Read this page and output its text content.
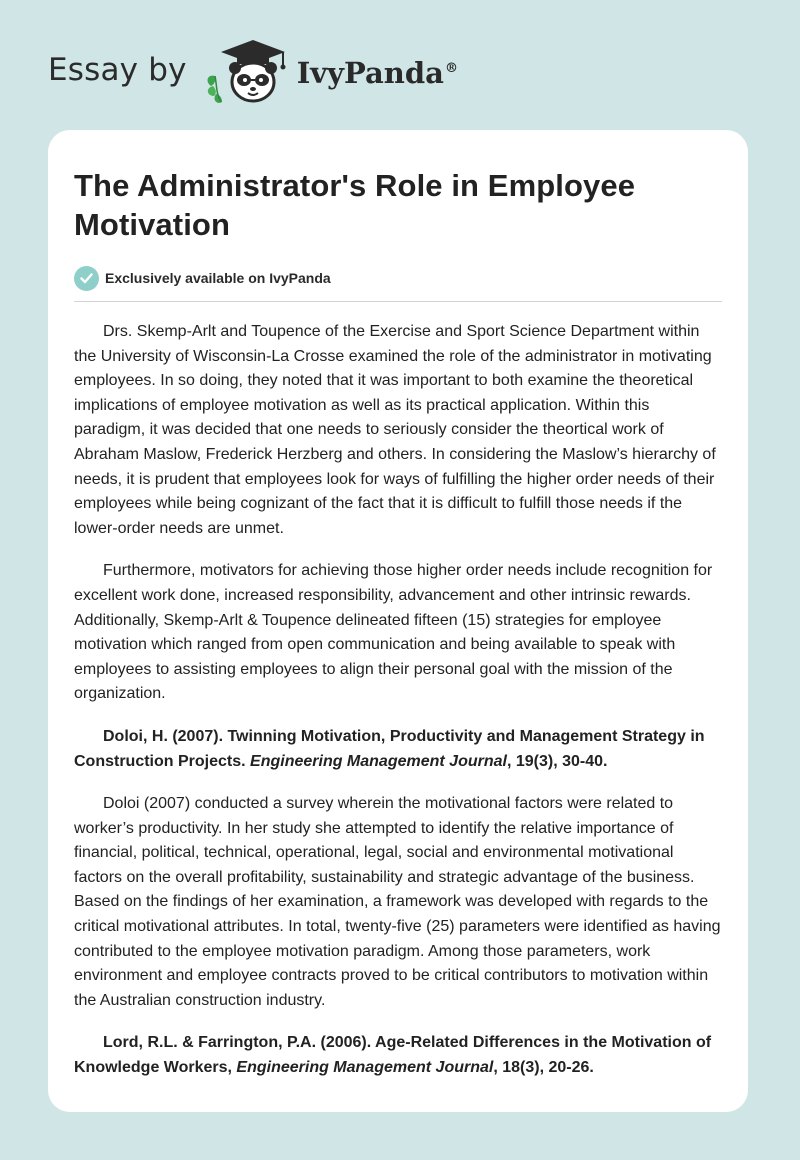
Essay by	IvyPanda®
The Administrator's Role in Employee Motivation
Exclusively available on IvyPanda

Drs. Skemp-Arlt and Toupence of the Exercise and Sport Science Department within the University of Wisconsin-La Crosse examined the role of the administrator in motivating employees. In so doing, they noted that it was important to both examine the theoretical implications of employee motivation as well as its practical application. Within this paradigm, it was decided that one needs to seriously consider the theortical work of Abraham Maslow, Frederick Herzberg and others. In considering the Maslow’s hierarchy of needs, it is prudent that employees look for ways of fulfilling the higher order needs of their employees while being cognizant of the fact that it is difficult to fulfill those needs if the lower-order needs are unmet.

Furthermore, motivators for achieving those higher order needs include recognition for excellent work done, increased responsibility, advancement and other intrinsic rewards. Additionally, Skemp-Arlt & Toupence delineated fifteen (15) strategies for employee motivation which ranged from open communication and being available to speak with employees to assisting employees to align their personal goal with the mission of the organization.

Doloi, H. (2007). Twinning Motivation, Productivity and Management Strategy in Construction Projects. Engineering Management Journal, 19(3), 30-40.

Doloi (2007) conducted a survey wherein the motivational factors were related to worker’s productivity. In her study she attempted to identify the relative importance of financial, political, technical, operational, legal, social and environmental motivational factors on the overall profitability, sustainability and strategic advantage of the business. Based on the findings of her examination, a framework was developed with regards to the critical motivational attributes. In total, twenty-five (25) parameters were identified as having contributed to the employee motivation paradigm. Among those parameters, work environment and employee contracts proved to be critical contributors to motivation within the Australian construction industry.

Lord, R.L. & Farrington, P.A. (2006). Age-Related Differences in the Motivation of Knowledge Workers, Engineering Management Journal, 18(3), 20-26.
